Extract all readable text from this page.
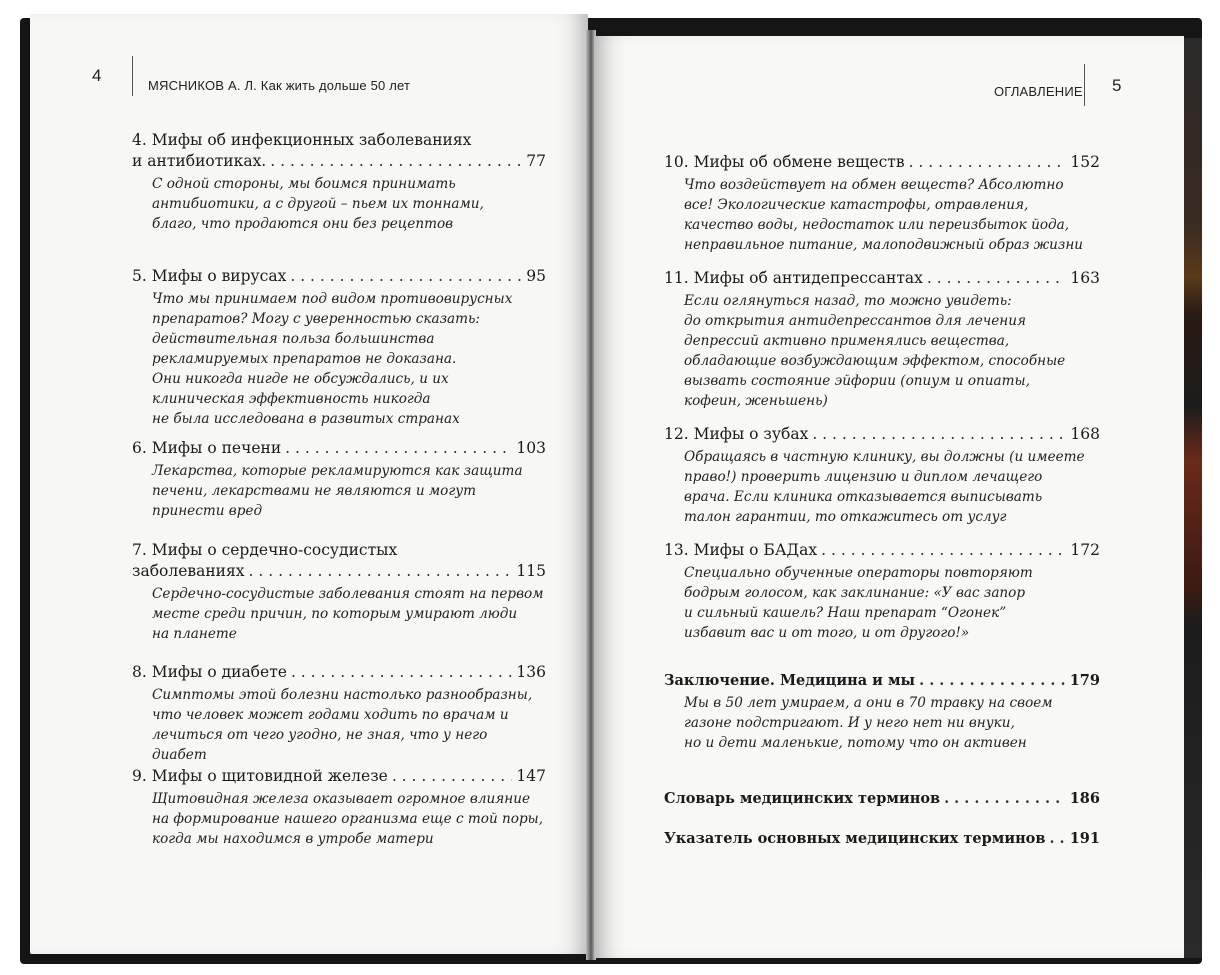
4
МЯСНИКОВ А. Л. Как жить дольше 50 лет
4. Мифы об инфекционных заболеваниях
и антибиотиках. . . .	77
С одной стороны, мы боимся принимать
антибиотики, а с другой – пьем их тоннами,
благо, что продаются они без рецептов
5. Мифы о вирусах . . .	95
Что мы принимаем под видом противовирусных
препаратов? Могу с уверенностью сказать:
действительная польза большинства
рекламируемых препаратов не доказана.
Они никогда нигде не обсуждались, и их
клиническая эффективность никогда
не была исследована в развитых странах
6. Мифы о печени . . .	103
Лекарства, которые рекламируются как защита
печени, лекарствами не являются и могут
принести вред
7. Мифы о сердечно-сосудистых
заболеваниях . . .	115
Сердечно-сосудистые заболевания стоят на первом
месте среди причин, по которым умирают люди
на планете
8. Мифы о диабете . . .	136
Симптомы этой болезни настолько разнообразны,
что человек может годами ходить по врачам и
лечиться от чего угодно, не зная, что у него диабет
9. Мифы о щитовидной железе . . .	147
Щитовидная железа оказывает огромное влияние
на формирование нашего организма еще с той поры,
когда мы находимся в утробе матери
ОГЛАВЛЕНИЕ 5
10. Мифы об обмене веществ . . .	152
Что воздействует на обмен веществ? Абсолютно
все! Экологические катастрофы, отравления,
качество воды, недостаток или переизбыток йода,
неправильное питание, малоподвижный образ жизни
11. Мифы об антидепрессантах . . .	163
Если оглянуться назад, то можно увидеть:
до открытия антидепрессантов для лечения
депрессий активно применялись вещества,
обладающие возбуждающим эффектом, способные
вызвать состояние эйфории (опиум и опиаты,
кофеин, женьшень)
12. Мифы о зубах . . .	168
Обращаясь в частную клинику, вы должны (и имеете
право!) проверить лицензию и диплом лечащего
врача. Если клиника отказывается выписывать
талон гарантии, то откажитесь от услуг
13. Мифы о БАДах . . .	172
Специально обученные операторы повторяют
бодрым голосом, как заклинание: «У вас запор
и сильный кашель? Наш препарат “Огонек”
избавит вас и от того, и от другого!»
Заключение. Медицина и мы . . .	179
Мы в 50 лет умираем, а они в 70 травку на своем
газоне подстригают. И у него нет ни внуки,
но и дети маленькие, потому что он активен
Словарь медицинских терминов . . .	186
Указатель основных медицинских терминов . . . 191
